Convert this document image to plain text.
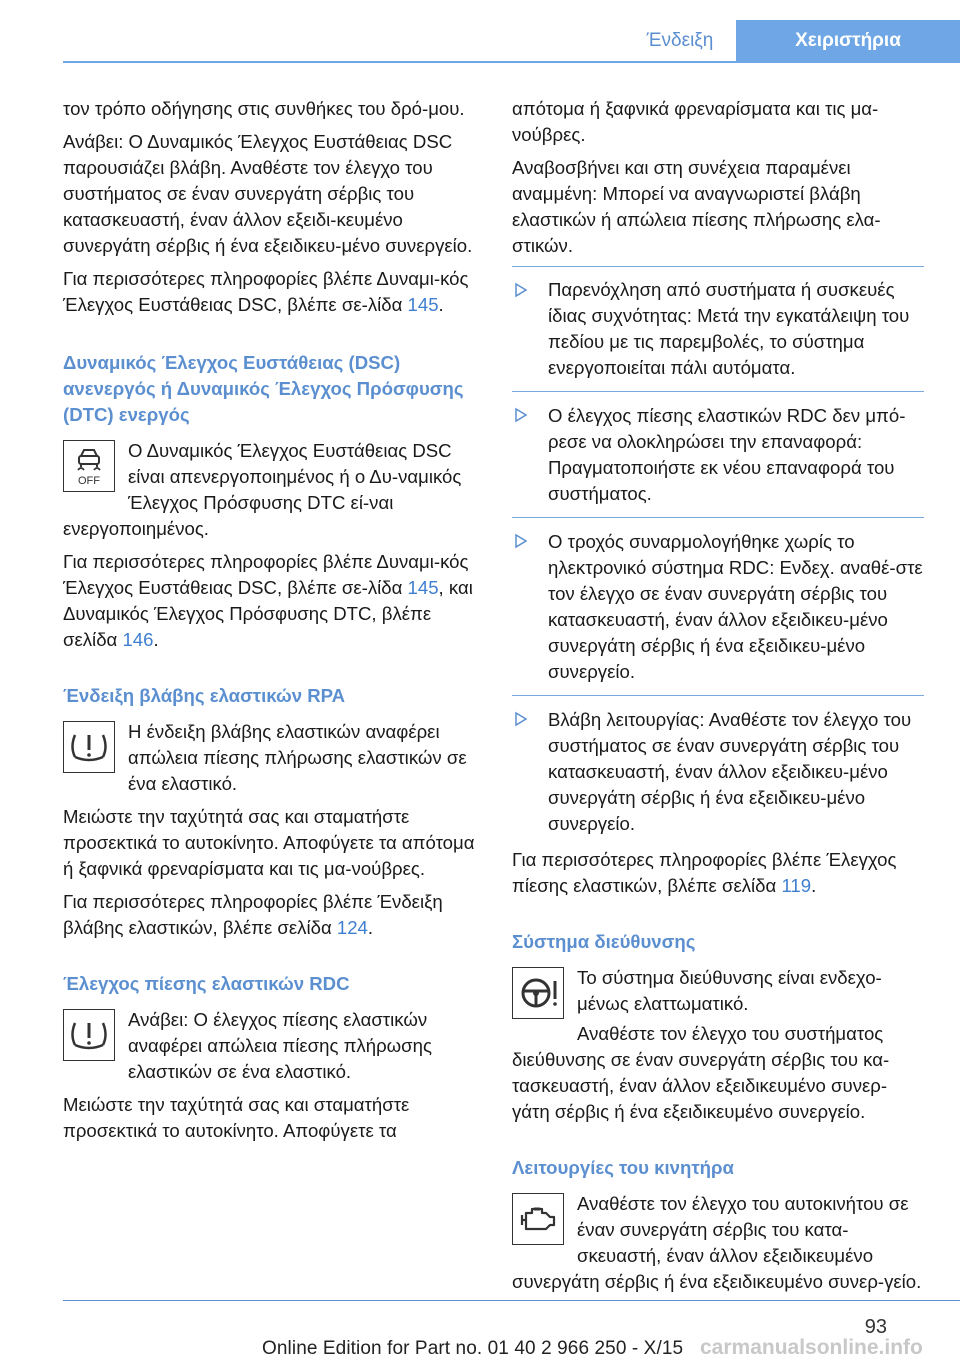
Ένδειξη	Χειριστήρια

τον τρόπο οδήγησης στις συνθήκες του δρό-μου.

Ανάβει: Ο Δυναμικός Έλεγχος Ευστάθειας DSC παρουσιάζει βλάβη. Αναθέστε τον έλεγχο του συστήματος σε έναν συνεργάτη σέρβις του κατασκευαστή, έναν άλλον εξειδι-κευμένο συνεργάτη σέρβις ή ένα εξειδικευ-μένο συνεργείο.

Για περισσότερες πληροφορίες βλέπε Δυναμι-κός Έλεγχος Ευστάθειας DSC, βλέπε σε-λίδα 145.

Δυναμικός Έλεγχος Ευστάθειας (DSC) ανενεργός ή Δυναμικός Έλεγχος Πρόσφυσης (DTC) ενεργός
OFF

Ο Δυναμικός Έλεγχος Ευστάθειας DSC είναι απενεργοποιημένος ή ο Δυ-ναμικός Έλεγχος Πρόσφυσης DTC εί-ναι ενεργοποιημένος.

Για περισσότερες πληροφορίες βλέπε Δυναμι-κός Έλεγχος Ευστάθειας DSC, βλέπε σε-λίδα 145, και Δυναμικός Έλεγχος Πρόσφυσης DTC, βλέπε σελίδα 146.

Ένδειξη βλάβης ελαστικών RPA

Η ένδειξη βλάβης ελαστικών αναφέρει απώλεια πίεσης πλήρωσης ελαστικών σε ένα ελαστικό.

Μειώστε την ταχύτητά σας και σταματήστε προσεκτικά το αυτοκίνητο. Αποφύγετε τα απότομα ή ξαφνικά φρεναρίσματα και τις μα-νούβρες.

Για περισσότερες πληροφορίες βλέπε Ένδειξη βλάβης ελαστικών, βλέπε σελίδα 124.

Έλεγχος πίεσης ελαστικών RDC

Ανάβει: Ο έλεγχος πίεσης ελαστικών αναφέρει απώλεια πίεσης πλήρωσης ελαστικών σε ένα ελαστικό.

Μειώστε την ταχύτητά σας και σταματήστε προσεκτικά το αυτοκίνητο. Αποφύγετε τα

απότομα ή ξαφνικά φρεναρίσματα και τις μα-νούβρες.

Αναβοσβήνει και στη συνέχεια παραμένει αναμμένη: Μπορεί να αναγνωριστεί βλάβη ελαστικών ή απώλεια πίεσης πλήρωσης ελα-στικών.

Παρενόχληση από συστήματα ή συσκευές ίδιας συχνότητας: Μετά την εγκατάλειψη του πεδίου με τις παρεμβολές, το σύστημα ενεργοποιείται πάλι αυτόματα.
Ο έλεγχος πίεσης ελαστικών RDC δεν μπό-ρεσε να ολοκληρώσει την επαναφορά: Πραγματοποιήστε εκ νέου επαναφορά του συστήματος.
Ο τροχός συναρμολογήθηκε χωρίς το ηλεκτρονικό σύστημα RDC: Ενδεχ. αναθέ-στε τον έλεγχο σε έναν συνεργάτη σέρβις του κατασκευαστή, έναν άλλον εξειδικευ-μένο συνεργάτη σέρβις ή ένα εξειδικευ-μένο συνεργείο.
Βλάβη λειτουργίας: Αναθέστε τον έλεγχο του συστήματος σε έναν συνεργάτη σέρβις του κατασκευαστή, έναν άλλον εξειδικευ-μένο συνεργάτη σέρβις ή ένα εξειδικευ-μένο συνεργείο.

Για περισσότερες πληροφορίες βλέπε Έλεγχος πίεσης ελαστικών, βλέπε σελίδα 119.

Σύστημα διεύθυνσης

Το σύστημα διεύθυνσης είναι ενδεχο-μένως ελαττωματικό.

Αναθέστε τον έλεγχο του συστήματος διεύθυνσης σε έναν συνεργάτη σέρβις του κα-τασκευαστή, έναν άλλον εξειδικευμένο συνερ-γάτη σέρβις ή ένα εξειδικευμένο συνεργείο.

Λειτουργίες του κινητήρα

Αναθέστε τον έλεγχο του αυτοκινήτου σε έναν συνεργάτη σέρβις του κατα-σκευαστή, έναν άλλον εξειδικευμένο συνεργάτη σέρβις ή ένα εξειδικευμένο συνερ-γείο.

93
Online Edition for Part no. 01 40 2 966 250 - X/15 carmanualsonline.info
